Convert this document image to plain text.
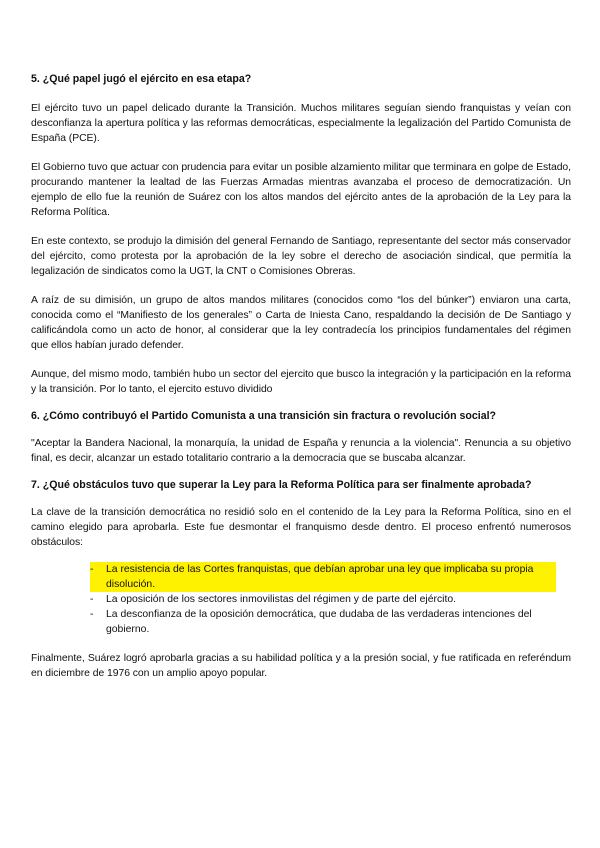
5. ¿Qué papel jugó el ejército en esa etapa?

El ejército tuvo un papel delicado durante la Transición. Muchos militares seguían siendo franquistas y veían con desconfianza la apertura política y las reformas democráticas, especialmente la legalización del Partido Comunista de España (PCE).

El Gobierno tuvo que actuar con prudencia para evitar un posible alzamiento militar que terminara en golpe de Estado, procurando mantener la lealtad de las Fuerzas Armadas mientras avanzaba el proceso de democratización. Un ejemplo de ello fue la reunión de Suárez con los altos mandos del ejército antes de la aprobación de la Ley para la Reforma Política.

En este contexto, se produjo la dimisión del general Fernando de Santiago, representante del sector más conservador del ejército, como protesta por la aprobación de la ley sobre el derecho de asociación sindical, que permitía la legalización de sindicatos como la UGT, la CNT o Comisiones Obreras.

A raíz de su dimisión, un grupo de altos mandos militares (conocidos como “los del búnker”) enviaron una carta, conocida como el “Manifiesto de los generales” o Carta de Iniesta Cano, respaldando la decisión de De Santiago y calificándola como un acto de honor, al considerar que la ley contradecía los principios fundamentales del régimen que ellos habían jurado defender.

Aunque, del mismo modo, también hubo un sector del ejercito que busco la integración y la participación en la reforma y la transición. Por lo tanto, el ejercito estuvo dividido

6. ¿Cómo contribuyó el Partido Comunista a una transición sin fractura o revolución social?

"Aceptar la Bandera Nacional, la monarquía, la unidad de España y renuncia a la violencia". Renuncia a su objetivo final, es decir, alcanzar un estado totalitario contrario a la democracia que se buscaba alcanzar.

7. ¿Qué obstáculos tuvo que superar la Ley para la Reforma Política para ser finalmente aprobada?

La clave de la transición democrática no residió solo en el contenido de la Ley para la Reforma Política, sino en el camino elegido para aprobarla. Este fue desmontar el franquismo desde dentro. El proceso enfrentó numerosos obstáculos:

- La resistencia de las Cortes franquistas, que debían aprobar una ley que implicaba su propia disolución.
- La oposición de los sectores inmovilistas del régimen y de parte del ejército.
- La desconfianza de la oposición democrática, que dudaba de las verdaderas intenciones del gobierno.

Finalmente, Suárez logró aprobarla gracias a su habilidad política y a la presión social, y fue ratificada en referéndum en diciembre de 1976 con un amplio apoyo popular.
